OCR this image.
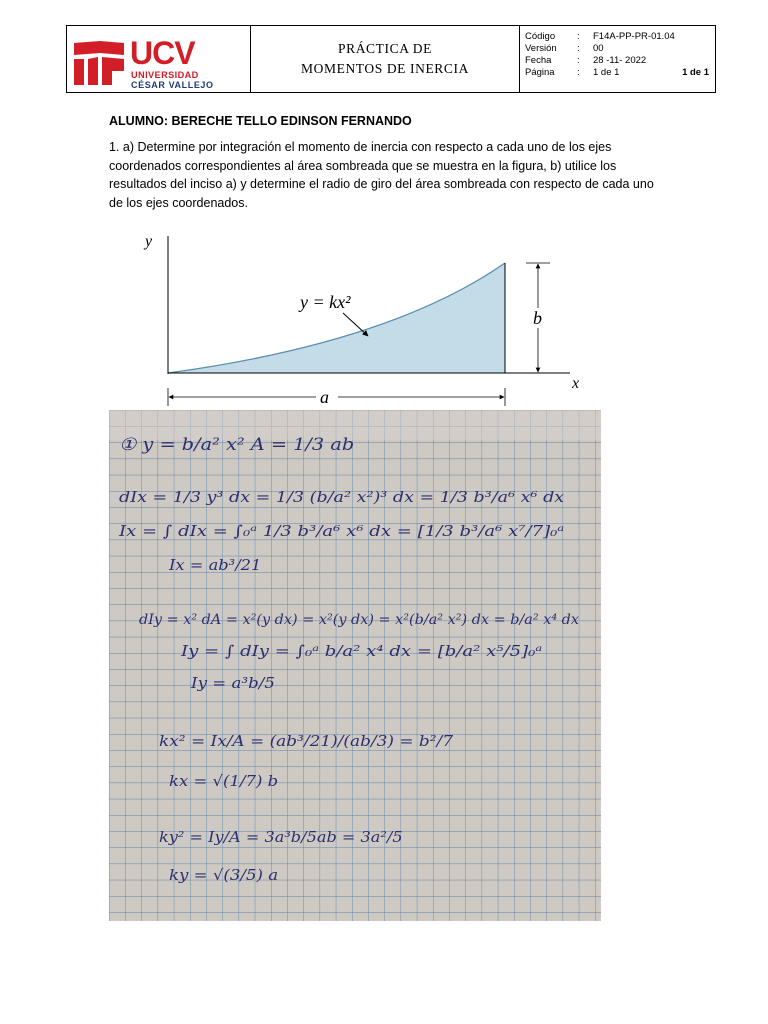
UCV
UNIVERSIDAD
CÉSAR VALLEJO
PRÁCTICA DE
MOMENTOS DE INERCIA
Código : F14A-PP-PR-01.04
Versión : 00
Fecha	: 28 -11- 2022
Página : 1 de 1	1 de 1
ALUMNO: BERECHE TELLO EDINSON FERNANDO
1. a) Determine por integración el momento de inercia con respecto a cada uno de los ejes coordenados correspondientes al área sombreada que se muestra en la figura, b) utilice los resultados del inciso a) y determine el radio de giro del área sombreada con respecto de cada uno de los ejes coordenados.
y
x
y = kx²
b
a
① y = b/a² x² A = 1/3 ab
dIx = 1/3 y³ dx = 1/3 (b/a² x²)³ dx = 1/3 b³/a⁶ x⁶ dx
Ix = ∫ dIx = ∫₀ᵃ 1/3 b³/a⁶ x⁶ dx = [1/3 b³/a⁶ x⁷/7]₀ᵃ
Ix = ab³/21
dIy = x² dA = x²(y dx) = x²(y dx) = x²(b/a² x²) dx = b/a² x⁴ dx
Iy = ∫ dIy = ∫₀ᵃ b/a² x⁴ dx = [b/a² x⁵/5]₀ᵃ
Iy = a³b/5
kx² = Ix/A = (ab³/21)/(ab/3) = b²/7
kx = √(1/7) b
ky² = Iy/A = 3a³b/5ab = 3a²/5
ky = √(3/5) a
